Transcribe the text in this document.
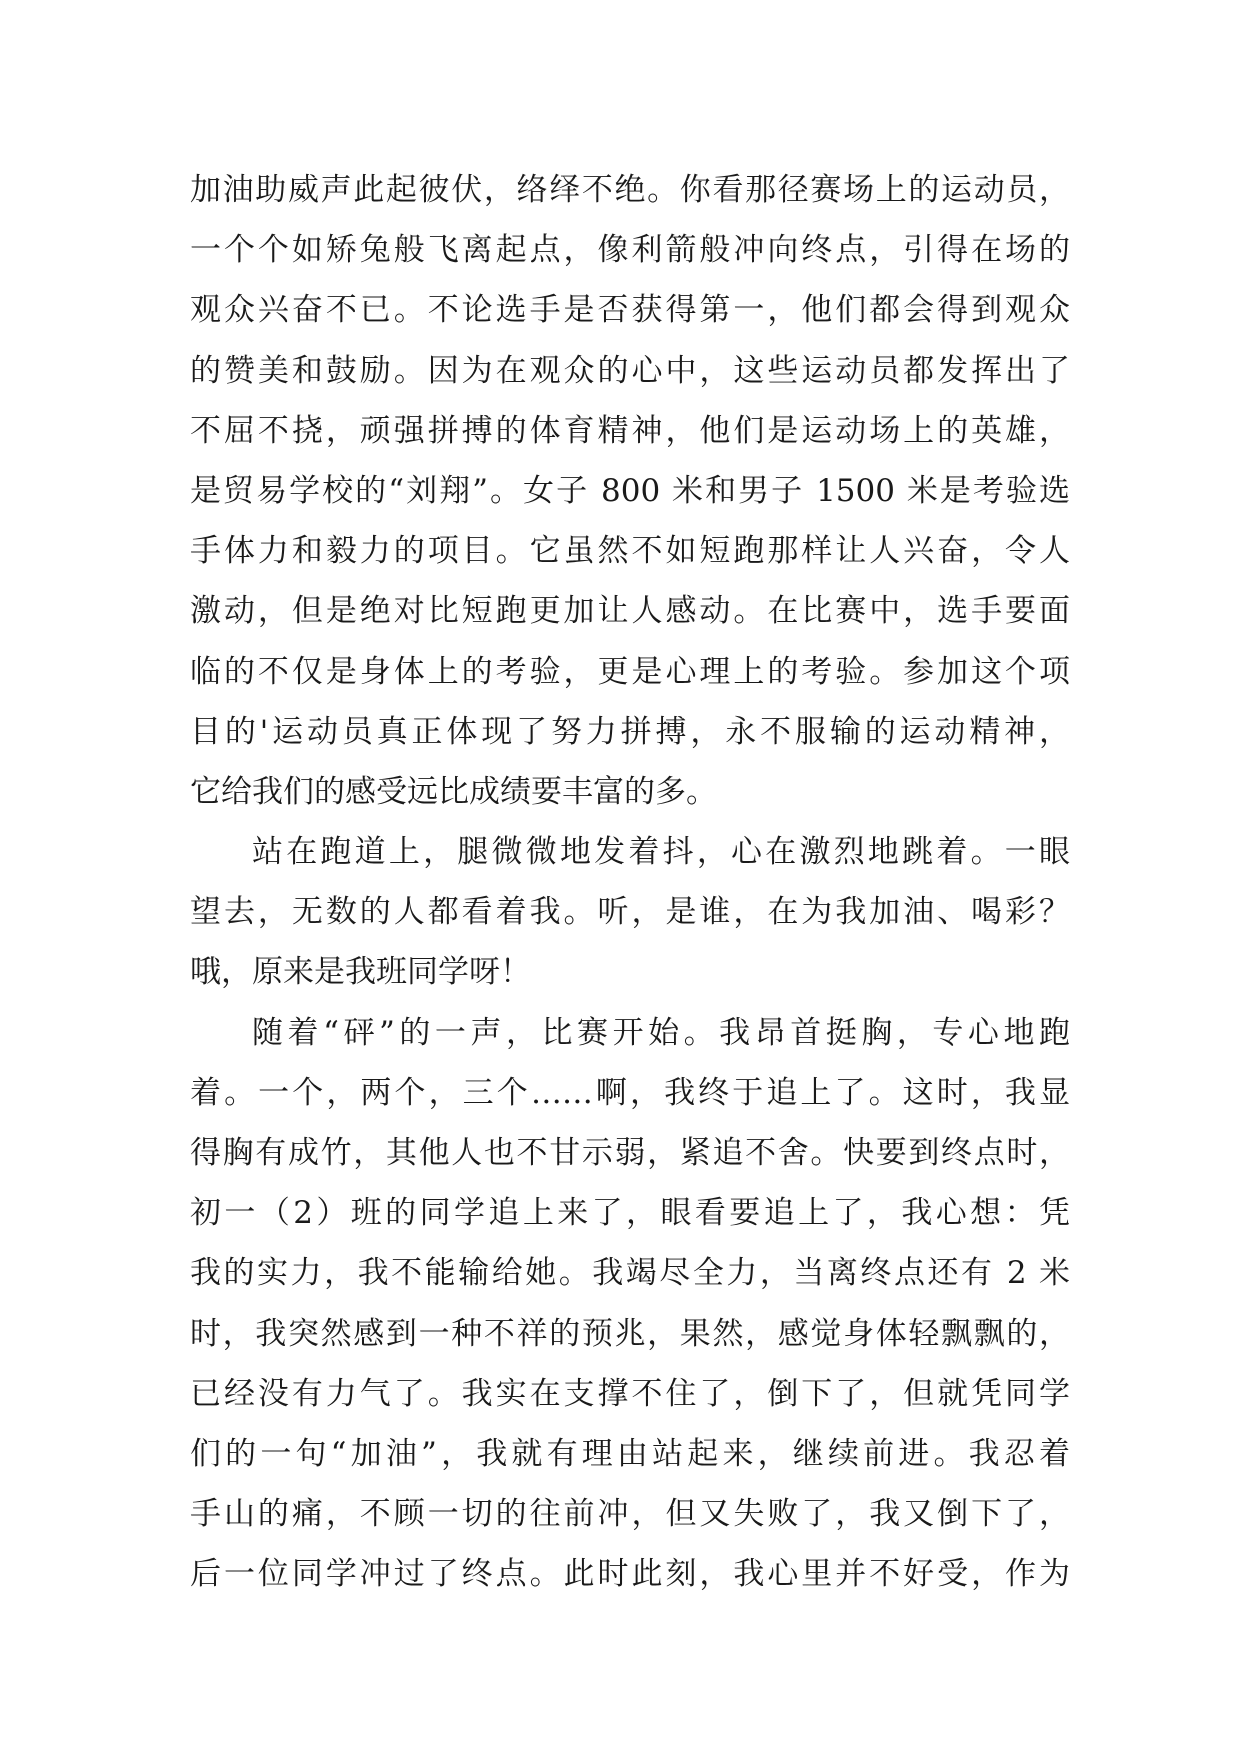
加油助威声此起彼伏，络绎不绝。你看那径赛场上的运动员，
一个个如矫兔般飞离起点，像利箭般冲向终点，引得在场的
观众兴奋不已。不论选手是否获得第一，他们都会得到观众
的赞美和鼓励。因为在观众的心中，这些运动员都发挥出了
不屈不挠，顽强拼搏的体育精神，他们是运动场上的英雄，
是贸易学校的“刘翔”。女子 800 米和男子 1500 米是考验选
手体力和毅力的项目。它虽然不如短跑那样让人兴奋，令人
激动，但是绝对比短跑更加让人感动。在比赛中，选手要面
临的不仅是身体上的考验，更是心理上的考验。参加这个项
目的'运动员真正体现了努力拼搏，永不服输的运动精神，
它给我们的感受远比成绩要丰富的多。
站在跑道上，腿微微地发着抖，心在激烈地跳着。一眼
望去，无数的人都看着我。听，是谁，在为我加油、喝彩？
哦，原来是我班同学呀！
随着“砰”的一声，比赛开始。我昂首挺胸，专心地跑
着。一个，两个，三个……啊，我终于追上了。这时，我显
得胸有成竹，其他人也不甘示弱，紧追不舍。快要到终点时，
初一（2）班的同学追上来了，眼看要追上了，我心想：凭
我的实力，我不能输给她。我竭尽全力，当离终点还有 2 米
时，我突然感到一种不祥的预兆，果然，感觉身体轻飘飘的，
已经没有力气了。我实在支撑不住了，倒下了，但就凭同学
们的一句“加油”，我就有理由站起来，继续前进。我忍着
手山的痛，不顾一切的往前冲，但又失败了，我又倒下了，
后一位同学冲过了终点。此时此刻，我心里并不好受，作为
